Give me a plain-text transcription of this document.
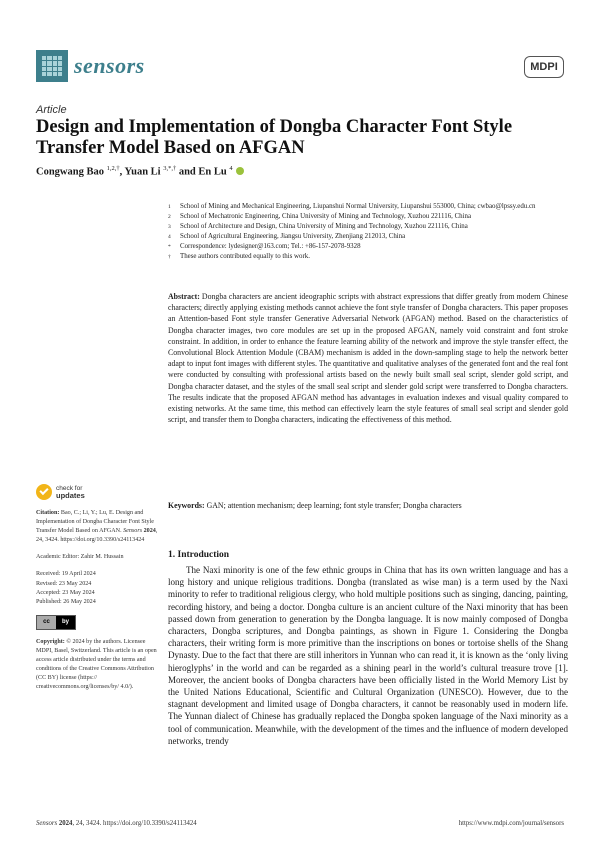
sensors	MDPI
Article
Design and Implementation of Dongba Character Font Style Transfer Model Based on AFGAN
Congwang Bao $^{1,2,\dagger}$, Yuan Li $^{3,*,\dagger}$ and En Lu $^4$
1	School of Mining and Mechanical Engineering, Liupanshui Normal University, Liupanshui 553000, China; cwbao@lpssy.edu.cn
2	School of Mechatronic Engineering, China University of Mining and Technology, Xuzhou 221116, China
3	School of Architecture and Design, China University of Mining and Technology, Xuzhou 221116, China
4	School of Agricultural Engineering, Jiangsu University, Zhenjiang 212013, China
*	Correspondence: lydesigner@163.com; Tel.: +86-157-2078-9328
†	These authors contributed equally to this work.
Abstract: Dongba characters are ancient ideographic scripts with abstract expressions that differ greatly from modern Chinese characters; directly applying existing methods cannot achieve the font style transfer of Dongba characters. This paper proposes an Attention-based Font style transfer Generative Adversarial Network (AFGAN) method. Based on the characteristics of Dongba character images, two core modules are set up in the proposed AFGAN, namely void constraint and font stroke constraint. In addition, in order to enhance the feature learning ability of the network and improve the style transfer effect, the Convolutional Block Attention Module (CBAM) mechanism is added in the down-sampling stage to help the network better adapt to input font images with different styles. The quantitative and qualitative analyses of the generated font and the real font were conducted by consulting with professional artists based on the newly built small seal script, slender gold script, and Dongba character dataset, and the styles of the small seal script and slender gold script were transferred to Dongba characters. The results indicate that the proposed AFGAN method has advantages in evaluation indexes and visual quality compared to existing networks. At the same time, this method can effectively learn the style features of small seal script and slender gold script, and transfer them to Dongba characters, indicating the effectiveness of this method.
Keywords: GAN; attention mechanism; deep learning; font style transfer; Dongba characters
check for
updates

Citation: Bao, C.; Li, Y.; Lu, E. Design and Implementation of Dongba Character Font Style Transfer Model Based on AFGAN. Sensors 2024, 24, 3424. https://doi.org/10.3390/s24113424

Academic Editor: Zahir M. Hussain

Received: 19 April 2024
Revised: 23 May 2024
Accepted: 23 May 2024
Published: 26 May 2024
cc	by

Copyright: © 2024 by the authors. Licensee MDPI, Basel, Switzerland. This article is an open access article distributed under the terms and conditions of the Creative Commons Attribution (CC BY) license (https:// creativecommons.org/licenses/by/ 4.0/).

1. Introduction
The Naxi minority is one of the few ethnic groups in China that has its own written language and has a long history and unique religious traditions. Dongba (translated as wise man) is a term used by the Naxi minority to refer to traditional religious clergy, who hold multiple positions such as singing, dancing, painting, recording history, and being a doctor. Dongba culture is an ancient culture of the Naxi minority that has been passed down from generation to generation by the Dongba language. It is now mainly composed of Dongba characters, Dongba scriptures, and Dongba paintings, as shown in Figure 1. Considering the Dongba characters, their writing form is more primitive than the inscriptions on bones or tortoise shells of the Shang Dynasty. Due to the fact that there are still inheritors in Yunnan who can read it, it is known as the ‘only living hieroglyphs’ in the world and can be regarded as a shining pearl in the world’s cultural treasure trove [1]. Moreover, the ancient books of Dongba characters have been officially listed in the World Memory List by the United Nations Educational, Scientific and Cultural Organization (UNESCO). However, due to the stagnant development and limited usage of Dongba characters, it cannot be reasonably used in modern life. The Yunnan dialect of Chinese has gradually replaced the Dongba spoken language of the Naxi minority as a tool of communication. Meanwhile, with the development of the times and the influence of modern developed networks, trendy
Sensors 2024, 24, 3424. https://doi.org/10.3390/s24113424	https://www.mdpi.com/journal/sensors
